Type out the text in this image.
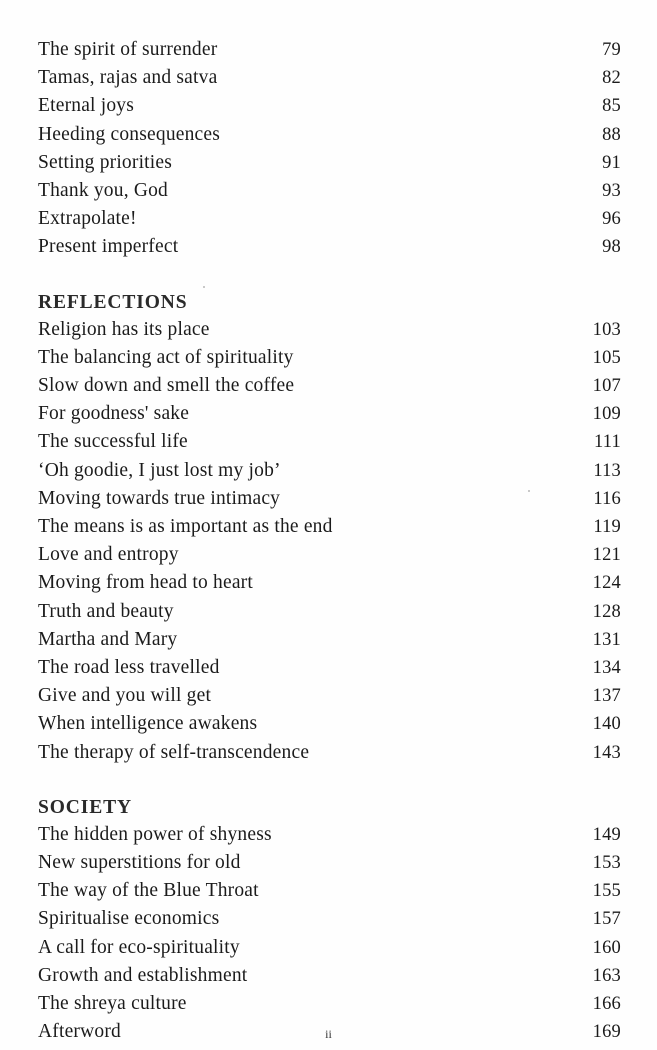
The spirit of surrender	79
Tamas, rajas and satva	82
Eternal joys	85
Heeding consequences	88
Setting priorities	91
Thank you, God	93
Extrapolate!	96
Present imperfect	98
REFLECTIONS
Religion has its place	103
The balancing act of spirituality	105
Slow down and smell the coffee	107
For goodness' sake	109
The successful life	111
‘Oh goodie, I just lost my job’	113
Moving towards true intimacy	116
The means is as important as the end	119
Love and entropy	121
Moving from head to heart	124
Truth and beauty	128
Martha and Mary	131
The road less travelled	134
Give and you will get	137
When intelligence awakens	140
The therapy of self-transcendence	143
SOCIETY
The hidden power of shyness	149
New superstitions for old	153
The way of the Blue Throat	155
Spiritualise economics	157
A call for eco-spirituality	160
Growth and establishment	163
The shreya culture	166
Afterword	169
ii
